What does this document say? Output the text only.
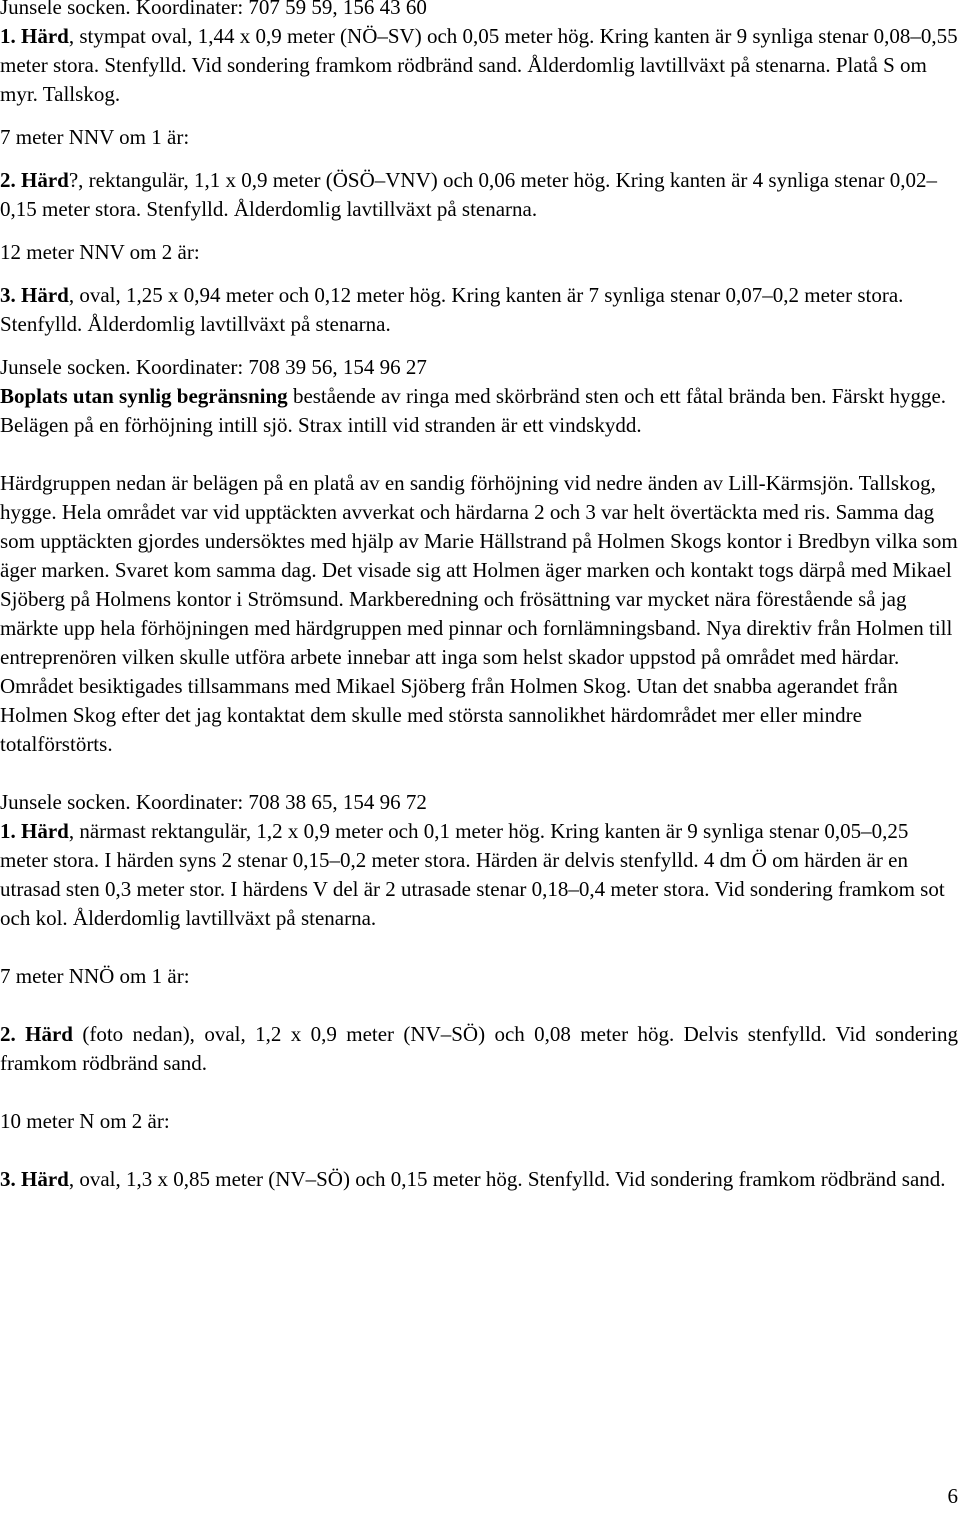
Junsele socken. Koordinater: 707 59 59, 156 43 60

1. Härd, stympat oval, 1,44 x 0,9 meter (NÖ–SV) och 0,05 meter hög. Kring kanten är 9 synliga stenar 0,08–0,55 meter stora. Stenfylld. Vid sondering framkom rödbränd sand. Ålderdomlig lavtillväxt på stenarna. Platå S om myr. Tallskog.

7 meter NNV om 1 är:

2. Härd?, rektangulär, 1,1 x 0,9 meter (ÖSÖ–VNV) och 0,06 meter hög. Kring kanten är 4 synliga stenar 0,02–0,15 meter stora. Stenfylld. Ålderdomlig lavtillväxt på stenarna.

12 meter NNV om 2 är:

3. Härd, oval, 1,25 x 0,94 meter och 0,12 meter hög. Kring kanten är 7 synliga stenar 0,07–0,2 meter stora. Stenfylld. Ålderdomlig lavtillväxt på stenarna.

Junsele socken. Koordinater: 708 39 56, 154 96 27

Boplats utan synlig begränsning bestående av ringa med skörbränd sten och ett fåtal brända ben. Färskt hygge.

Belägen på en förhöjning intill sjö. Strax intill vid stranden är ett vindskydd.

Härdgruppen nedan är belägen på en platå av en sandig förhöjning vid nedre änden av Lill-Kärmsjön. Tallskog, hygge. Hela området var vid upptäckten avverkat och härdarna 2 och 3 var helt övertäckta med ris. Samma dag som upptäckten gjordes undersöktes med hjälp av Marie Hällstrand på Holmen Skogs kontor i Bredbyn vilka som äger marken. Svaret kom samma dag. Det visade sig att Holmen äger marken och kontakt togs därpå med Mikael Sjöberg på Holmens kontor i Strömsund. Markberedning och frösättning var mycket nära förestående så jag märkte upp hela förhöjningen med härdgruppen med pinnar och fornlämningsband. Nya direktiv från Holmen till entreprenören vilken skulle utföra arbete innebar att inga som helst skador uppstod på området med härdar. Området besiktigades tillsammans med Mikael Sjöberg från Holmen Skog. Utan det snabba agerandet från Holmen Skog efter det jag kontaktat dem skulle med största sannolikhet härdområdet mer eller mindre totalförstörts.

Junsele socken. Koordinater: 708 38 65, 154 96 72

1. Härd, närmast rektangulär, 1,2 x 0,9 meter och 0,1 meter hög. Kring kanten är 9 synliga stenar 0,05–0,25 meter stora. I härden syns 2 stenar 0,15–0,2 meter stora. Härden är delvis stenfylld. 4 dm Ö om härden är en utrasad sten 0,3 meter stor. I härdens V del är 2 utrasade stenar 0,18–0,4 meter stora. Vid sondering framkom sot och kol. Ålderdomlig lavtillväxt på stenarna.

7 meter NNÖ om 1 är:

2. Härd (foto nedan), oval, 1,2 x 0,9 meter (NV–SÖ) och 0,08 meter hög. Delvis stenfylld. Vid sondering framkom rödbränd sand.

10 meter N om 2 är:

3. Härd, oval, 1,3 x 0,85 meter (NV–SÖ) och 0,15 meter hög. Stenfylld. Vid sondering framkom rödbränd sand.

6
